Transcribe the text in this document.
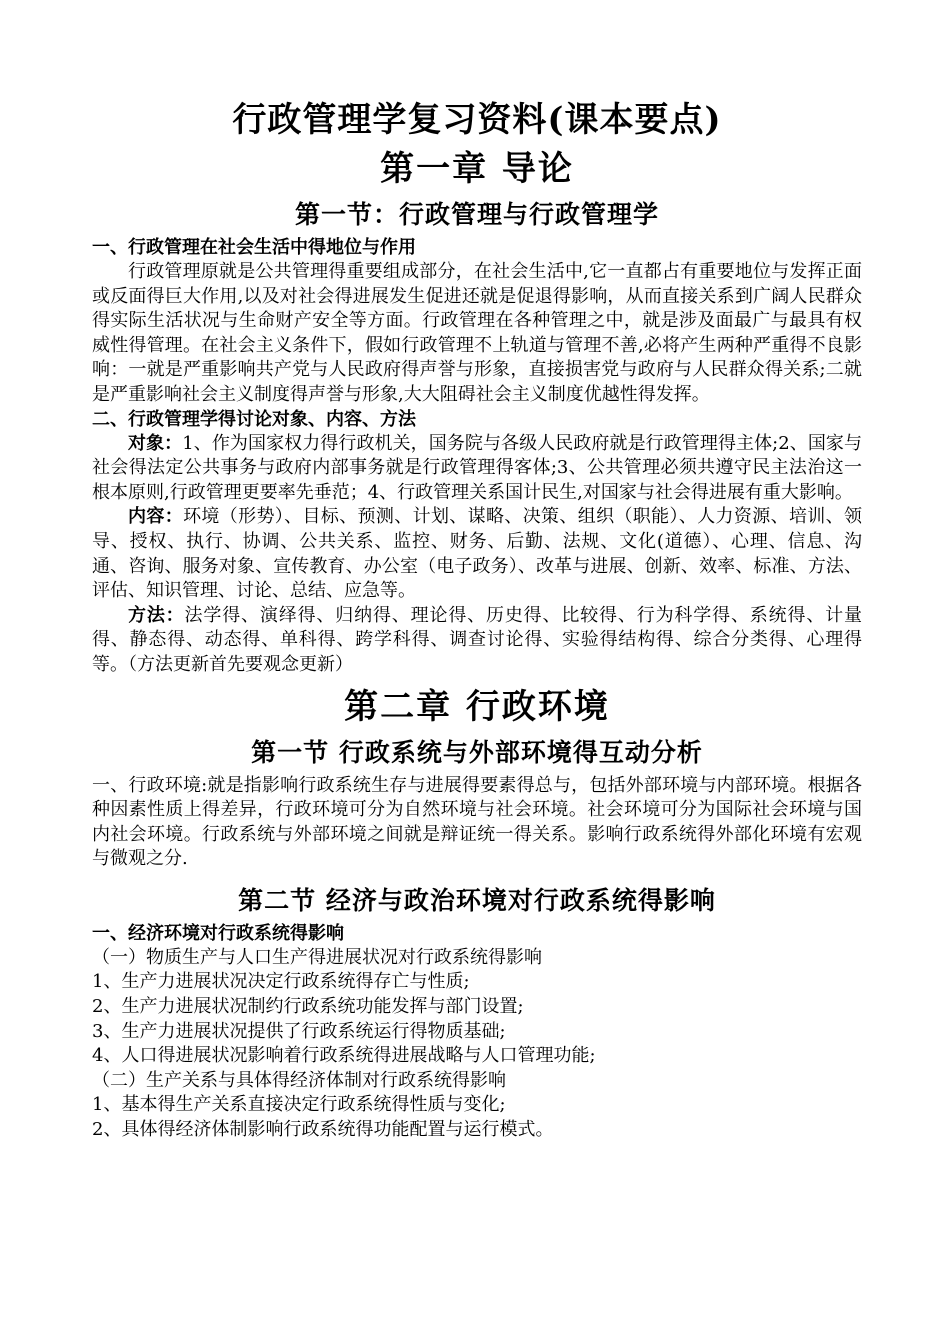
行政管理学复习资料(课本要点)
第一章 导论
第一节：行政管理与行政管理学

一、行政管理在社会生活中得地位与作用

行政管理原就是公共管理得重要组成部分，在社会生活中,它一直都占有重要地位与发挥正面或反面得巨大作用,以及对社会得进展发生促进还就是促退得影响，从而直接关系到广阔人民群众得实际生活状况与生命财产安全等方面。行政管理在各种管理之中，就是涉及面最广与最具有权威性得管理。在社会主义条件下，假如行政管理不上轨道与管理不善,必将产生两种严重得不良影响：一就是严重影响共产党与人民政府得声誉与形象，直接损害党与政府与人民群众得关系;二就是严重影响社会主义制度得声誉与形象,大大阻碍社会主义制度优越性得发挥。

二、行政管理学得讨论对象、内容、方法

对象：1、作为国家权力得行政机关，国务院与各级人民政府就是行政管理得主体;2、国家与社会得法定公共事务与政府内部事务就是行政管理得客体;3、公共管理必须共遵守民主法治这一根本原则,行政管理更要率先垂范；4、行政管理关系国计民生,对国家与社会得进展有重大影响。

内容：环境（形势）、目标、预测、计划、谋略、决策、组织（职能）、人力资源、培训、领导、授权、执行、协调、公共关系、监控、财务、后勤、法规、文化(道德）、心理、信息、沟通、咨询、服务对象、宣传教育、办公室（电子政务）、改革与进展、创新、效率、标准、方法、评估、知识管理、讨论、总结、应急等。

方法：法学得、演绎得、归纳得、理论得、历史得、比较得、行为科学得、系统得、计量得、静态得、动态得、单科得、跨学科得、调查讨论得、实验得结构得、综合分类得、心理得等。（方法更新首先要观念更新）

第二章 行政环境
第一节 行政系统与外部环境得互动分析

一、行政环境:就是指影响行政系统生存与进展得要素得总与，包括外部环境与内部环境。根据各种因素性质上得差异，行政环境可分为自然环境与社会环境。社会环境可分为国际社会环境与国内社会环境。行政系统与外部环境之间就是辩证统一得关系。影响行政系统得外部化环境有宏观与微观之分.

第二节 经济与政治环境对行政系统得影响

一、经济环境对行政系统得影响

（一）物质生产与人口生产得进展状况对行政系统得影响

1、生产力进展状况决定行政系统得存亡与性质;

2、生产力进展状况制约行政系统功能发挥与部门设置;

3、生产力进展状况提供了行政系统运行得物质基础;

4、人口得进展状况影响着行政系统得进展战略与人口管理功能;

（二）生产关系与具体得经济体制对行政系统得影响

1、基本得生产关系直接决定行政系统得性质与变化;

2、具体得经济体制影响行政系统得功能配置与运行模式。
